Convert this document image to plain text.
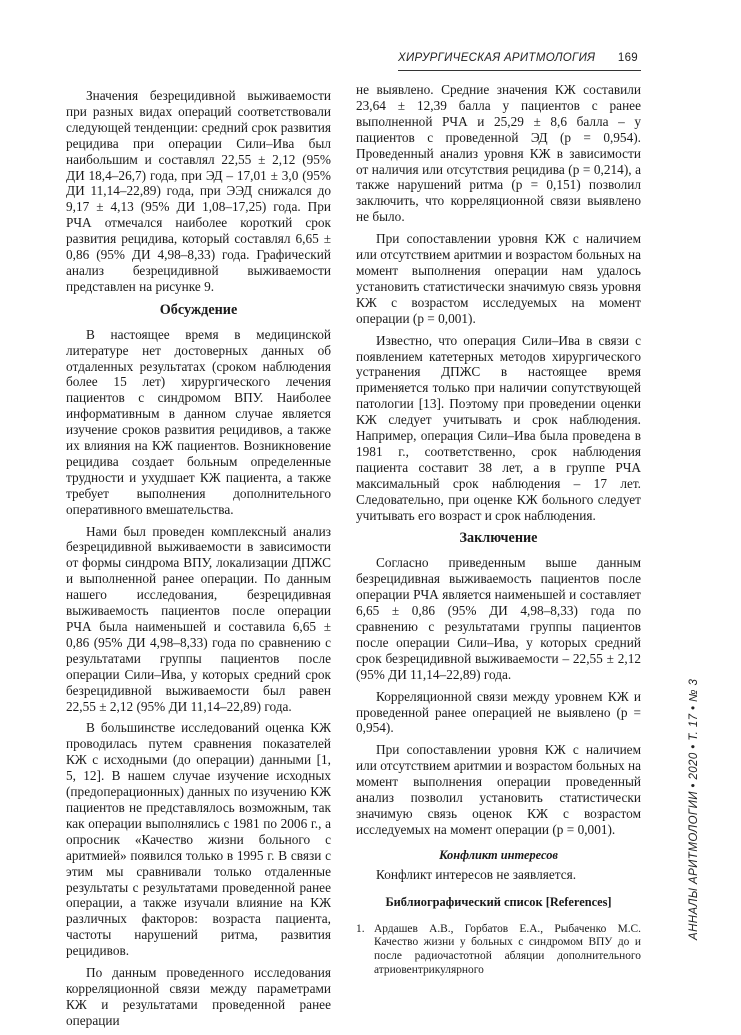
ХИРУРГИЧЕСКАЯ АРИТМОЛОГИЯ 169

Значения безрецидивной выживаемости при разных видах операций соответствовали следующей тенденции: средний срок развития рецидива при операции Сили–Ива был наибольшим и составлял 22,55 ± 2,12 (95% ДИ 18,4–26,7) года, при ЭД – 17,01 ± 3,0 (95% ДИ 11,14–22,89) года, при ЭЭД снижался до 9,17 ± 4,13 (95% ДИ 1,08–17,25) года. При РЧА отмечался наиболее короткий срок развития рецидива, который составлял 6,65 ± 0,86 (95% ДИ 4,98–8,33) года. Графический анализ безрецидивной выживаемости представлен на рисунке 9.

Обсуждение

В настоящее время в медицинской литературе нет достоверных данных об отдаленных результатах (сроком наблюдения более 15 лет) хирургического лечения пациентов с синдромом ВПУ. Наиболее информативным в данном случае является изучение сроков развития рецидивов, а также их влияния на КЖ пациентов. Возникновение рецидива создает больным определенные трудности и ухудшает КЖ пациента, а также требует выполнения дополнительного оперативного вмешательства.

Нами был проведен комплексный анализ безрецидивной выживаемости в зависимости от формы синдрома ВПУ, локализации ДПЖС и выполненной ранее операции. По данным нашего исследования, безрецидивная выживаемость пациентов после операции РЧА была наименьшей и составила 6,65 ± 0,86 (95% ДИ 4,98–8,33) года по сравнению с результатами группы пациентов после операции Сили–Ива, у которых средний срок безрецидивной выживаемости был равен 22,55 ± 2,12 (95% ДИ 11,14–22,89) года.

В большинстве исследований оценка КЖ проводилась путем сравнения показателей КЖ с исходными (до операции) данными [1, 5, 12]. В нашем случае изучение исходных (предоперационных) данных по изучению КЖ пациентов не представлялось возможным, так как операции выполнялись с 1981 по 2006 г., а опросник «Качество жизни больного с аритмией» появился только в 1995 г. В связи с этим мы сравнивали только отдаленные результаты с результатами проведенной ранее операции, а также изучали влияние на КЖ различных факторов: возраста пациента, частоты нарушений ритма, развития рецидивов.

По данным проведенного исследования корреляционной связи между параметрами КЖ и результатами проведенной ранее операции

не выявлено. Средние значения КЖ составили 23,64 ± 12,39 балла у пациентов с ранее выполненной РЧА и 25,29 ± 8,6 балла – у пациентов с проведенной ЭД (p = 0,954). Проведенный анализ уровня КЖ в зависимости от наличия или отсутствия рецидива (p = 0,214), а также нарушений ритма (p = 0,151) позволил заключить, что корреляционной связи выявлено не было.

При сопоставлении уровня КЖ с наличием или отсутствием аритмии и возрастом больных на момент выполнения операции нам удалось установить статистически значимую связь уровня КЖ с возрастом исследуемых на момент операции (p = 0,001).

Известно, что операция Сили–Ива в связи с появлением катетерных методов хирургического устранения ДПЖС в настоящее время применяется только при наличии сопутствующей патологии [13]. Поэтому при проведении оценки КЖ следует учитывать и срок наблюдения. Например, операция Сили–Ива была проведена в 1981 г., соответственно, срок наблюдения пациента составит 38 лет, а в группе РЧА максимальный срок наблюдения – 17 лет. Следовательно, при оценке КЖ больного следует учитывать его возраст и срок наблюдения.

Заключение

Согласно приведенным выше данным безрецидивная выживаемость пациентов после операции РЧА является наименьшей и составляет 6,65 ± 0,86 (95% ДИ 4,98–8,33) года по сравнению с результатами группы пациентов после операции Сили–Ива, у которых средний срок безрецидивной выживаемости – 22,55 ± 2,12 (95% ДИ 11,14–22,89) года.

Корреляционной связи между уровнем КЖ и проведенной ранее операцией не выявлено (p = 0,954).

При сопоставлении уровня КЖ с наличием или отсутствием аритмии и возрастом больных на момент выполнения операции проведенный анализ позволил установить статистически значимую связь оценок КЖ с возрастом исследуемых на момент операции (p = 0,001).

Конфликт интересов

Конфликт интересов не заявляется.

Библиографический список [References]
1. Ардашев А.В., Горбатов Е.А., Рыбаченко М.С. Качество жизни у больных с синдромом ВПУ до и после радиочастотной абляции дополнительного атриовентрикулярного
АННАЛЫ АРИТМОЛОГИИ • 2020 • Т. 17 • № 3
